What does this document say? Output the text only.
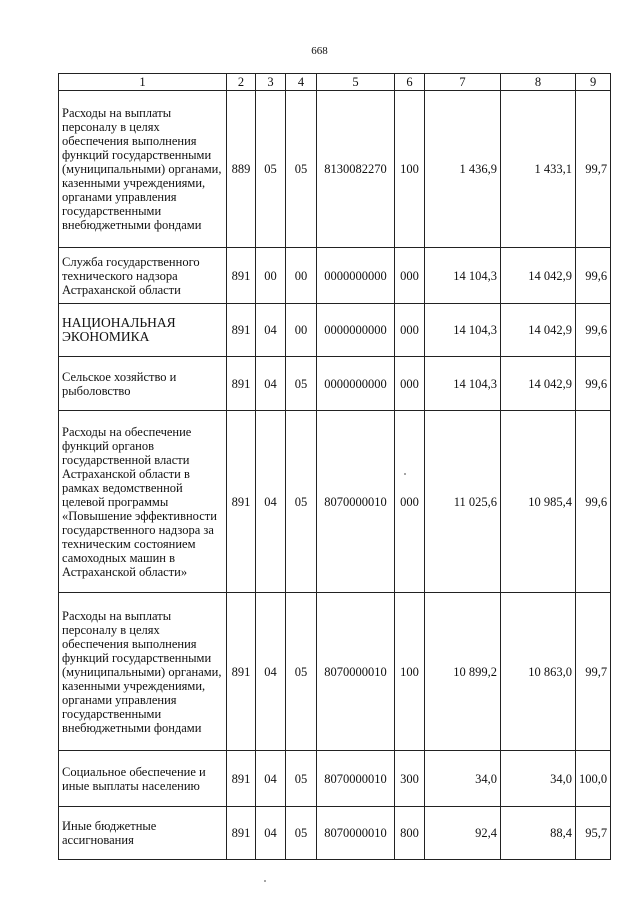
668
1	2	3	4	5	6	7	8	9
Расходы на выплаты персоналу в целях обеспечения выполнения функций государственными (муниципальными) органами, казенными учреждениями, органами управления государственными внебюджетными фондами	889	05	05	8130082270	100	1 436,9	1 433,1	99,7
Служба государственного технического надзора Астраханской области	891	00	00	0000000000	000	14 104,3	14 042,9	99,6
НАЦИОНАЛЬНАЯ ЭКОНОМИКА	891	04	00	0000000000	000	14 104,3	14 042,9	99,6
Сельское хозяйство и рыболовство	891	04	05	0000000000	000	14 104,3	14 042,9	99,6
Расходы на обеспечение функций органов государственной власти Астраханской области в рамках ведомственной целевой программы «Повышение эффективности государственного надзора за техническим состоянием самоходных машин в Астраханской области»	891	04	05	8070000010	000	11 025,6	10 985,4	99,6
Расходы на выплаты персоналу в целях обеспечения выполнения функций государственными (муниципальными) органами, казенными учреждениями, органами управления государственными внебюджетными фондами	891	04	05	8070000010	100	10 899,2	10 863,0	99,7
Социальное обеспечение и иные выплаты населению	891	04	05	8070000010	300	34,0	34,0	100,0
Иные бюджетные ассигнования	891	04	05	8070000010	800	92,4	88,4	95,7
